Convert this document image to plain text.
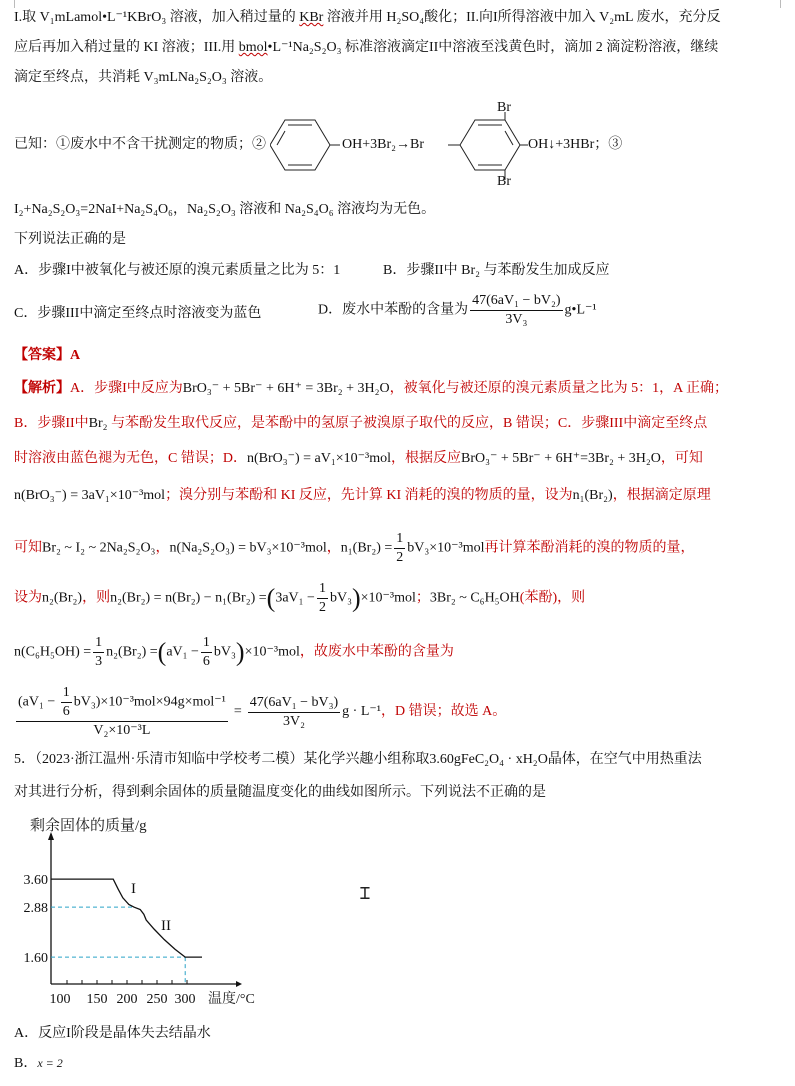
I.取 V₁mLamol•L⁻¹KBrO₃ 溶液，加入稍过量的 KBr 溶液并用 H₂SO₄酸化；II.向I所得溶液中加入 V₂mL 废水，充分反
应后再加入稍过量的 KI 溶液；III.用 bmol•L⁻¹Na₂S₂O₃ 标准溶液滴定II中溶液至浅黄色时，滴加 2 滴淀粉溶液，继续
滴定至终点，共消耗 V₃mLNa₂S₂O₃ 溶液。
已知：①废水中不含干扰测定的物质；②	OH+3Br₂→Br
Br
Br
OH↓+3HBr；③
I₂+Na₂S₂O₃=2NaI+Na₂S₄O₆，Na₂S₂O₃ 溶液和 Na₂S₄O₆ 溶液均为无色。
下列说法正确的是
A．步骤I中被氧化与被还原的溴元素质量之比为 5：1	B．步骤II中 Br₂ 与苯酚发生加成反应
C．步骤III中滴定至终点时溶液变为蓝色	D．废水中苯酚的含量为 $\frac{\text{47(6aV₁ − bV₂)}}{\text{3V₃}}$ g•L⁻¹
【答案】A
【解析】A．步骤I中反应为BrO₃⁻ + 5Br⁻ + 6H⁺ = 3Br₂ + 3H₂O，被氧化与被还原的溴元素质量之比为 5：1，A 正确；
B．步骤II中Br₂ 与苯酚发生取代反应，是苯酚中的氢原子被溴原子取代的反应，B 错误；C．步骤III中滴定至终点
时溶液由蓝色褪为无色，C 错误；D．n(BrO₃⁻) = aV₁×10⁻³mol，根据反应BrO₃⁻ + 5Br⁻ + 6H⁺=3Br₂ + 3H₂O，可知
n(BrO₃⁻) = 3aV₁×10⁻³mol；溴分别与苯酚和 KI 反应，先计算 KI 消耗的溴的物质的量，设为n₁(Br₂)，根据滴定原理
可知Br₂ ~ I₂ ~ 2Na₂S₂O₃，n(Na₂S₂O₃) = bV₃×10⁻³mol，$n_1(Br_2) = \frac{1}{2} bV_3\times 10^{-3}mol$再计算苯酚消耗的溴的物质的量，
设为n₂(Br₂)，则$n_2(Br_2) = n(Br_2) - n_1(Br_2) =(3aV_1 - \frac{1}{2} bV_3)\times 10^{-3}mol$；3Br₂ ~ C₆H₅OH(苯酚)，则
$n(C_6H_5OH) = \frac{1}{3} n_2(Br_2) =(aV_1 - \frac{1}{6} bV_3)\times 10^{-3}mol$，故废水中苯酚的含量为
$\frac{(aV_1 - \frac{1}{6} bV_3)\times 10^{-3}mol\times 94g\times mol^{-1}}{\text{V₂×10⁻³L}} = \frac{\text{47(6aV₁ − bV₃)}}{\text{3V₂}}$ g · L⁻¹，D 错误；故选 A。
5．（2023·浙江温州·乐清市知临中学校考二模）某化学兴趣小组称取3.60gFeC₂O₄ · xH₂O晶体，在空气中用热重法
对其进行分析，得到剩余固体的质量随温度变化的曲线如图所示。下列说法不正确的是
剩余固体的质量/g
温度/°C
100 150 200 250 300
3.60
2.88
1.60
I
II
A．反应I阶段是晶体失去结晶水
B．x = 2
Ꮖ
